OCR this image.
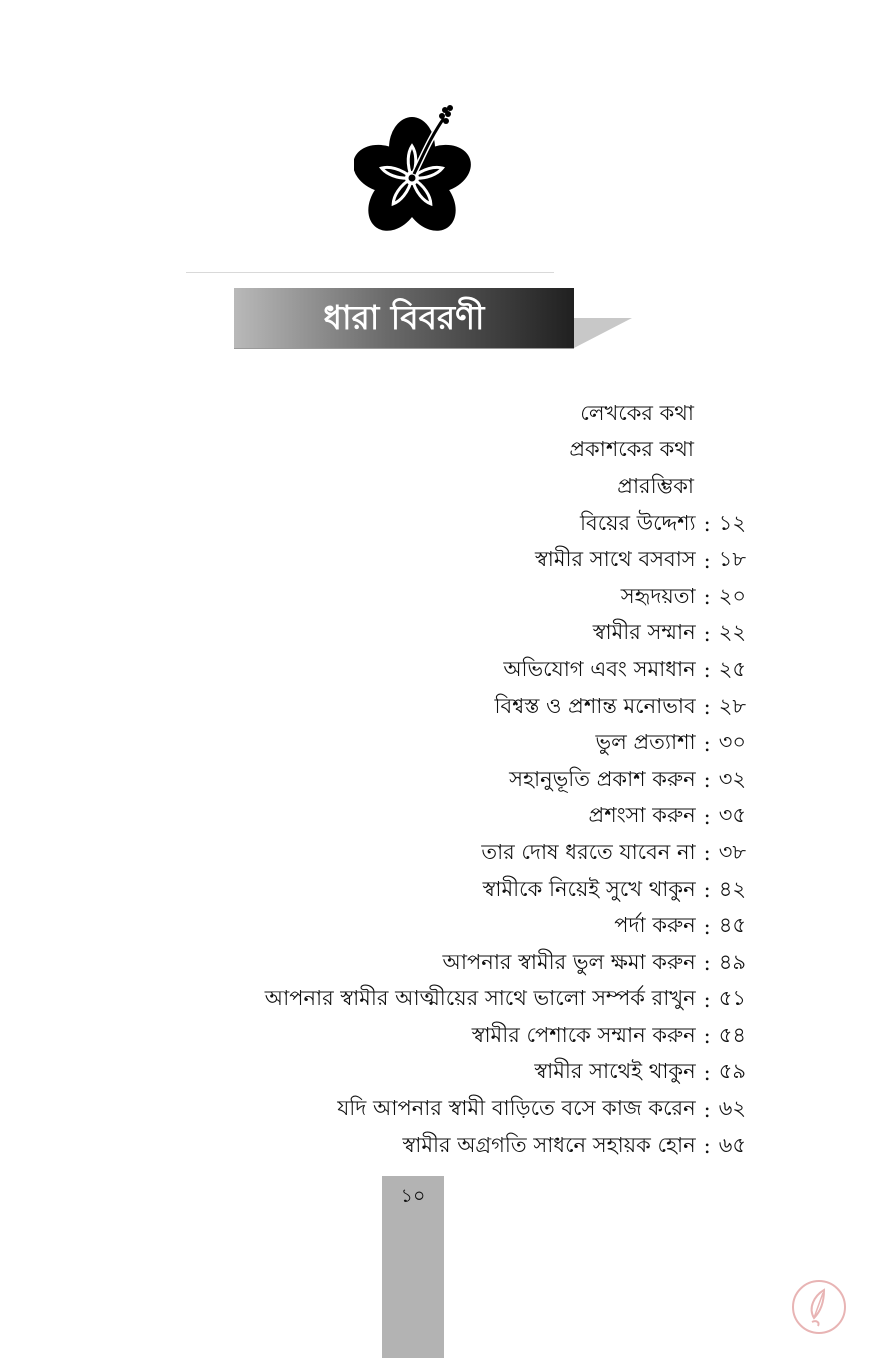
ধারা বিবরণী
লেখকের কথা
প্রকাশকের কথা
প্রারম্ভিকা
বিয়ের উদ্দেশ্য : ১২
স্বামীর সাথে বসবাস : ১৮
সহৃদয়তা : ২০
স্বামীর সম্মান : ২২
অভিযোগ এবং সমাধান : ২৫
বিশ্বস্ত ও প্রশান্ত মনোভাব : ২৮
ভুল প্রত্যাশা : ৩০
সহানুভূতি প্রকাশ করুন : ৩২
প্রশংসা করুন : ৩৫
তার দোষ ধরতে যাবেন না : ৩৮
স্বামীকে নিয়েই সুখে থাকুন : ৪২
পর্দা করুন : ৪৫
আপনার স্বামীর ভুল ক্ষমা করুন : ৪৯
আপনার স্বামীর আত্মীয়ের সাথে ভালো সম্পর্ক রাখুন : ৫১
স্বামীর পেশাকে সম্মান করুন : ৫৪
স্বামীর সাথেই থাকুন : ৫৯
যদি আপনার স্বামী বাড়িতে বসে কাজ করেন : ৬২
স্বামীর অগ্রগতি সাধনে সহায়ক হোন : ৬৫
১০
